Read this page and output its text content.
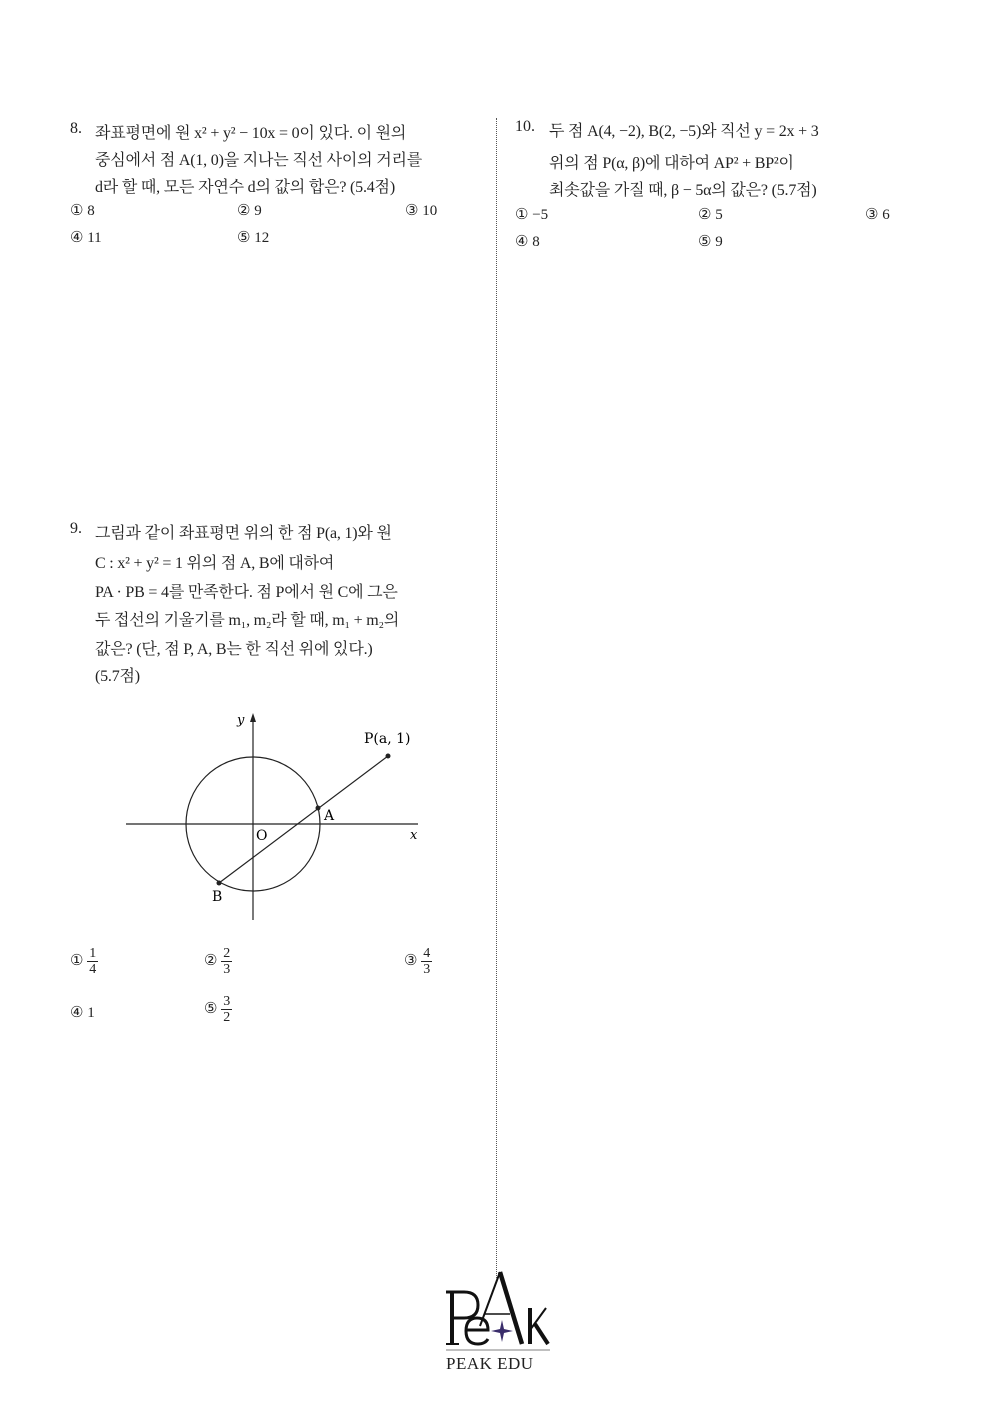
8. 좌표평면에 원 x² + y² − 10x = 0이 있다. 이 원의
중심에서 점 A(1, 0)을 지나는 직선 사이의 거리를
d라 할 때, 모든 자연수 d의 값의 합은? (5.4점)
① 8	② 9	③ 10
④ 11	⑤ 12
10. 두 점 A(4, −2), B(2, −5)와 직선 y = 2x + 3
위의 점 P(α, β)에 대하여 AP² + BP²이
최솟값을 가질 때, β − 5α의 값은? (5.7점)
① −5	② 5	③ 6
④ 8	⑤ 9
9. 그림과 같이 좌표평면 위의 한 점 P(a, 1)와 원
C : x² + y² = 1 위의 점 A, B에 대하여
PA · PB = 4를 만족한다. 점 P에서 원 C에 그은
두 접선의 기울기를 m₁, m₂라 할 때, m₁ + m₂의
값은? (단, 점 P, A, B는 한 직선 위에 있다.)
(5.7점)
y
x
O
P(a, 1)
A
B
① $\frac{1}{4}$	② $\frac{2}{3}$	③ $\frac{4}{3}$
④ 1	⑤ $\frac{3}{2}$
PEAK EDU
